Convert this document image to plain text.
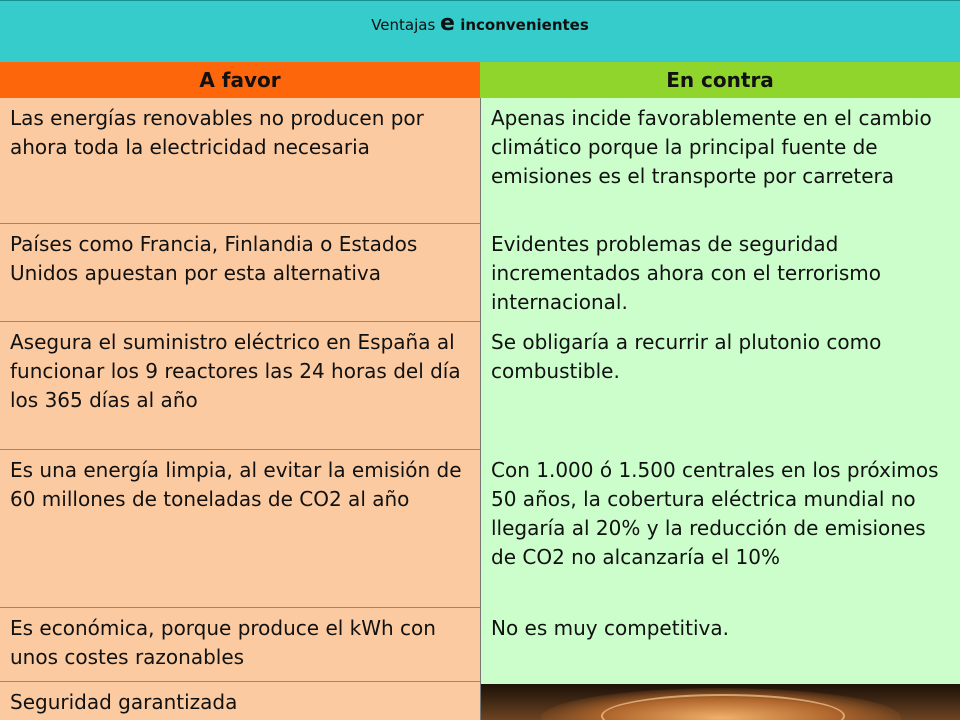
Ventajas e inconvenientes
A favor	En contra
Las energías renovables no producen por ahora toda la electricidad necesaria
Países como Francia, Finlandia o Estados Unidos apuestan por esta alternativa
Asegura el suministro eléctrico en España al funcionar los 9 reactores las 24 horas del día los 365 días al año
Es una energía limpia, al evitar la emisión de 60 millones de toneladas de CO2 al año
Es económica, porque produce el kWh con unos costes razonables
Seguridad garantizada
Apenas incide favorablemente en el cambio climático porque la principal fuente de emisiones es el transporte por carretera
Evidentes problemas de seguridad incrementados ahora con el terrorismo internacional.
Se obligaría a recurrir al plutonio como combustible.
Con 1.000 ó 1.500 centrales en los próximos 50 años, la cobertura eléctrica mundial no llegaría al 20% y la reducción de emisiones de CO2 no alcanzaría el 10%
No es muy competitiva.
